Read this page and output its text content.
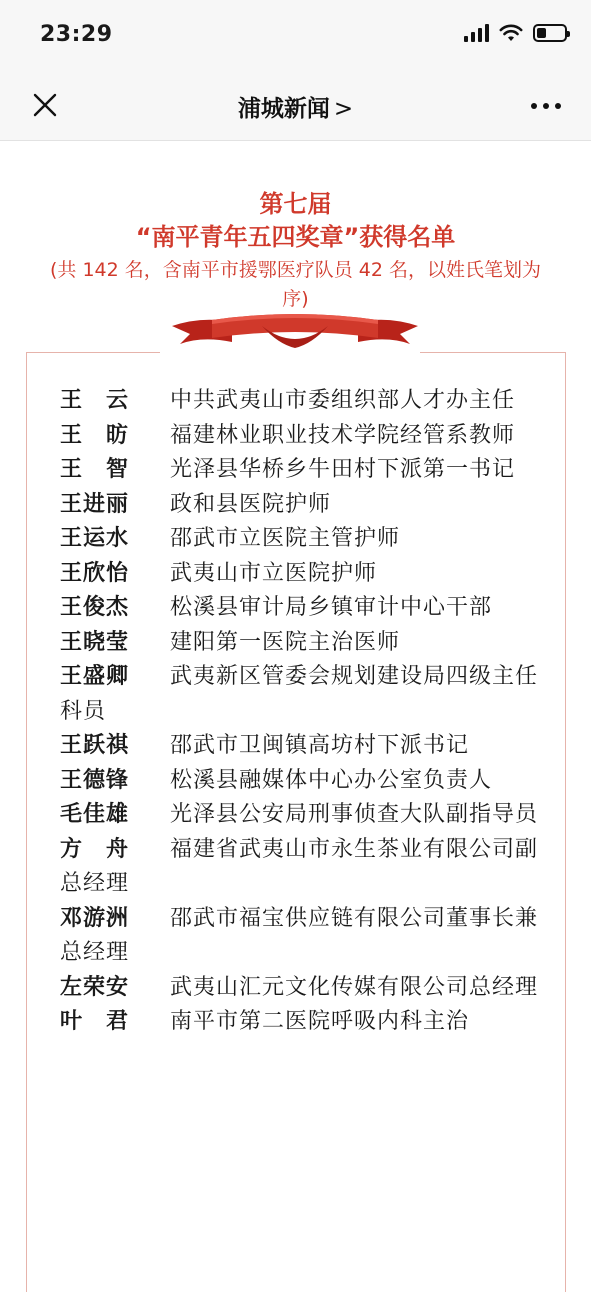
23:29
浦城新闻 >
第七届
“南平青年五四奖章”获得名单
(共 142 名，含南平市援鄂医疗队员 42 名，以姓氏笔划为序)

王　云 中共武夷山市委组织部人才办主任

王　昉 福建林业职业技术学院经管系教师

王　智 光泽县华桥乡牛田村下派第一书记

王进丽 政和县医院护师

王运水 邵武市立医院主管护师

王欣怡 武夷山市立医院护师

王俊杰 松溪县审计局乡镇审计中心干部

王晓莹 建阳第一医院主治医师

王盛卿 武夷新区管委会规划建设局四级主任科员

王跃祺 邵武市卫闽镇高坊村下派书记

王德锋 松溪县融媒体中心办公室负责人

毛佳雄 光泽县公安局刑事侦查大队副指导员

方　舟 福建省武夷山市永生茶业有限公司副总经理

邓游洲 邵武市福宝供应链有限公司董事长兼总经理

左荣安 武夷山汇元文化传媒有限公司总经理

叶　君 南平市第二医院呼吸内科主治
